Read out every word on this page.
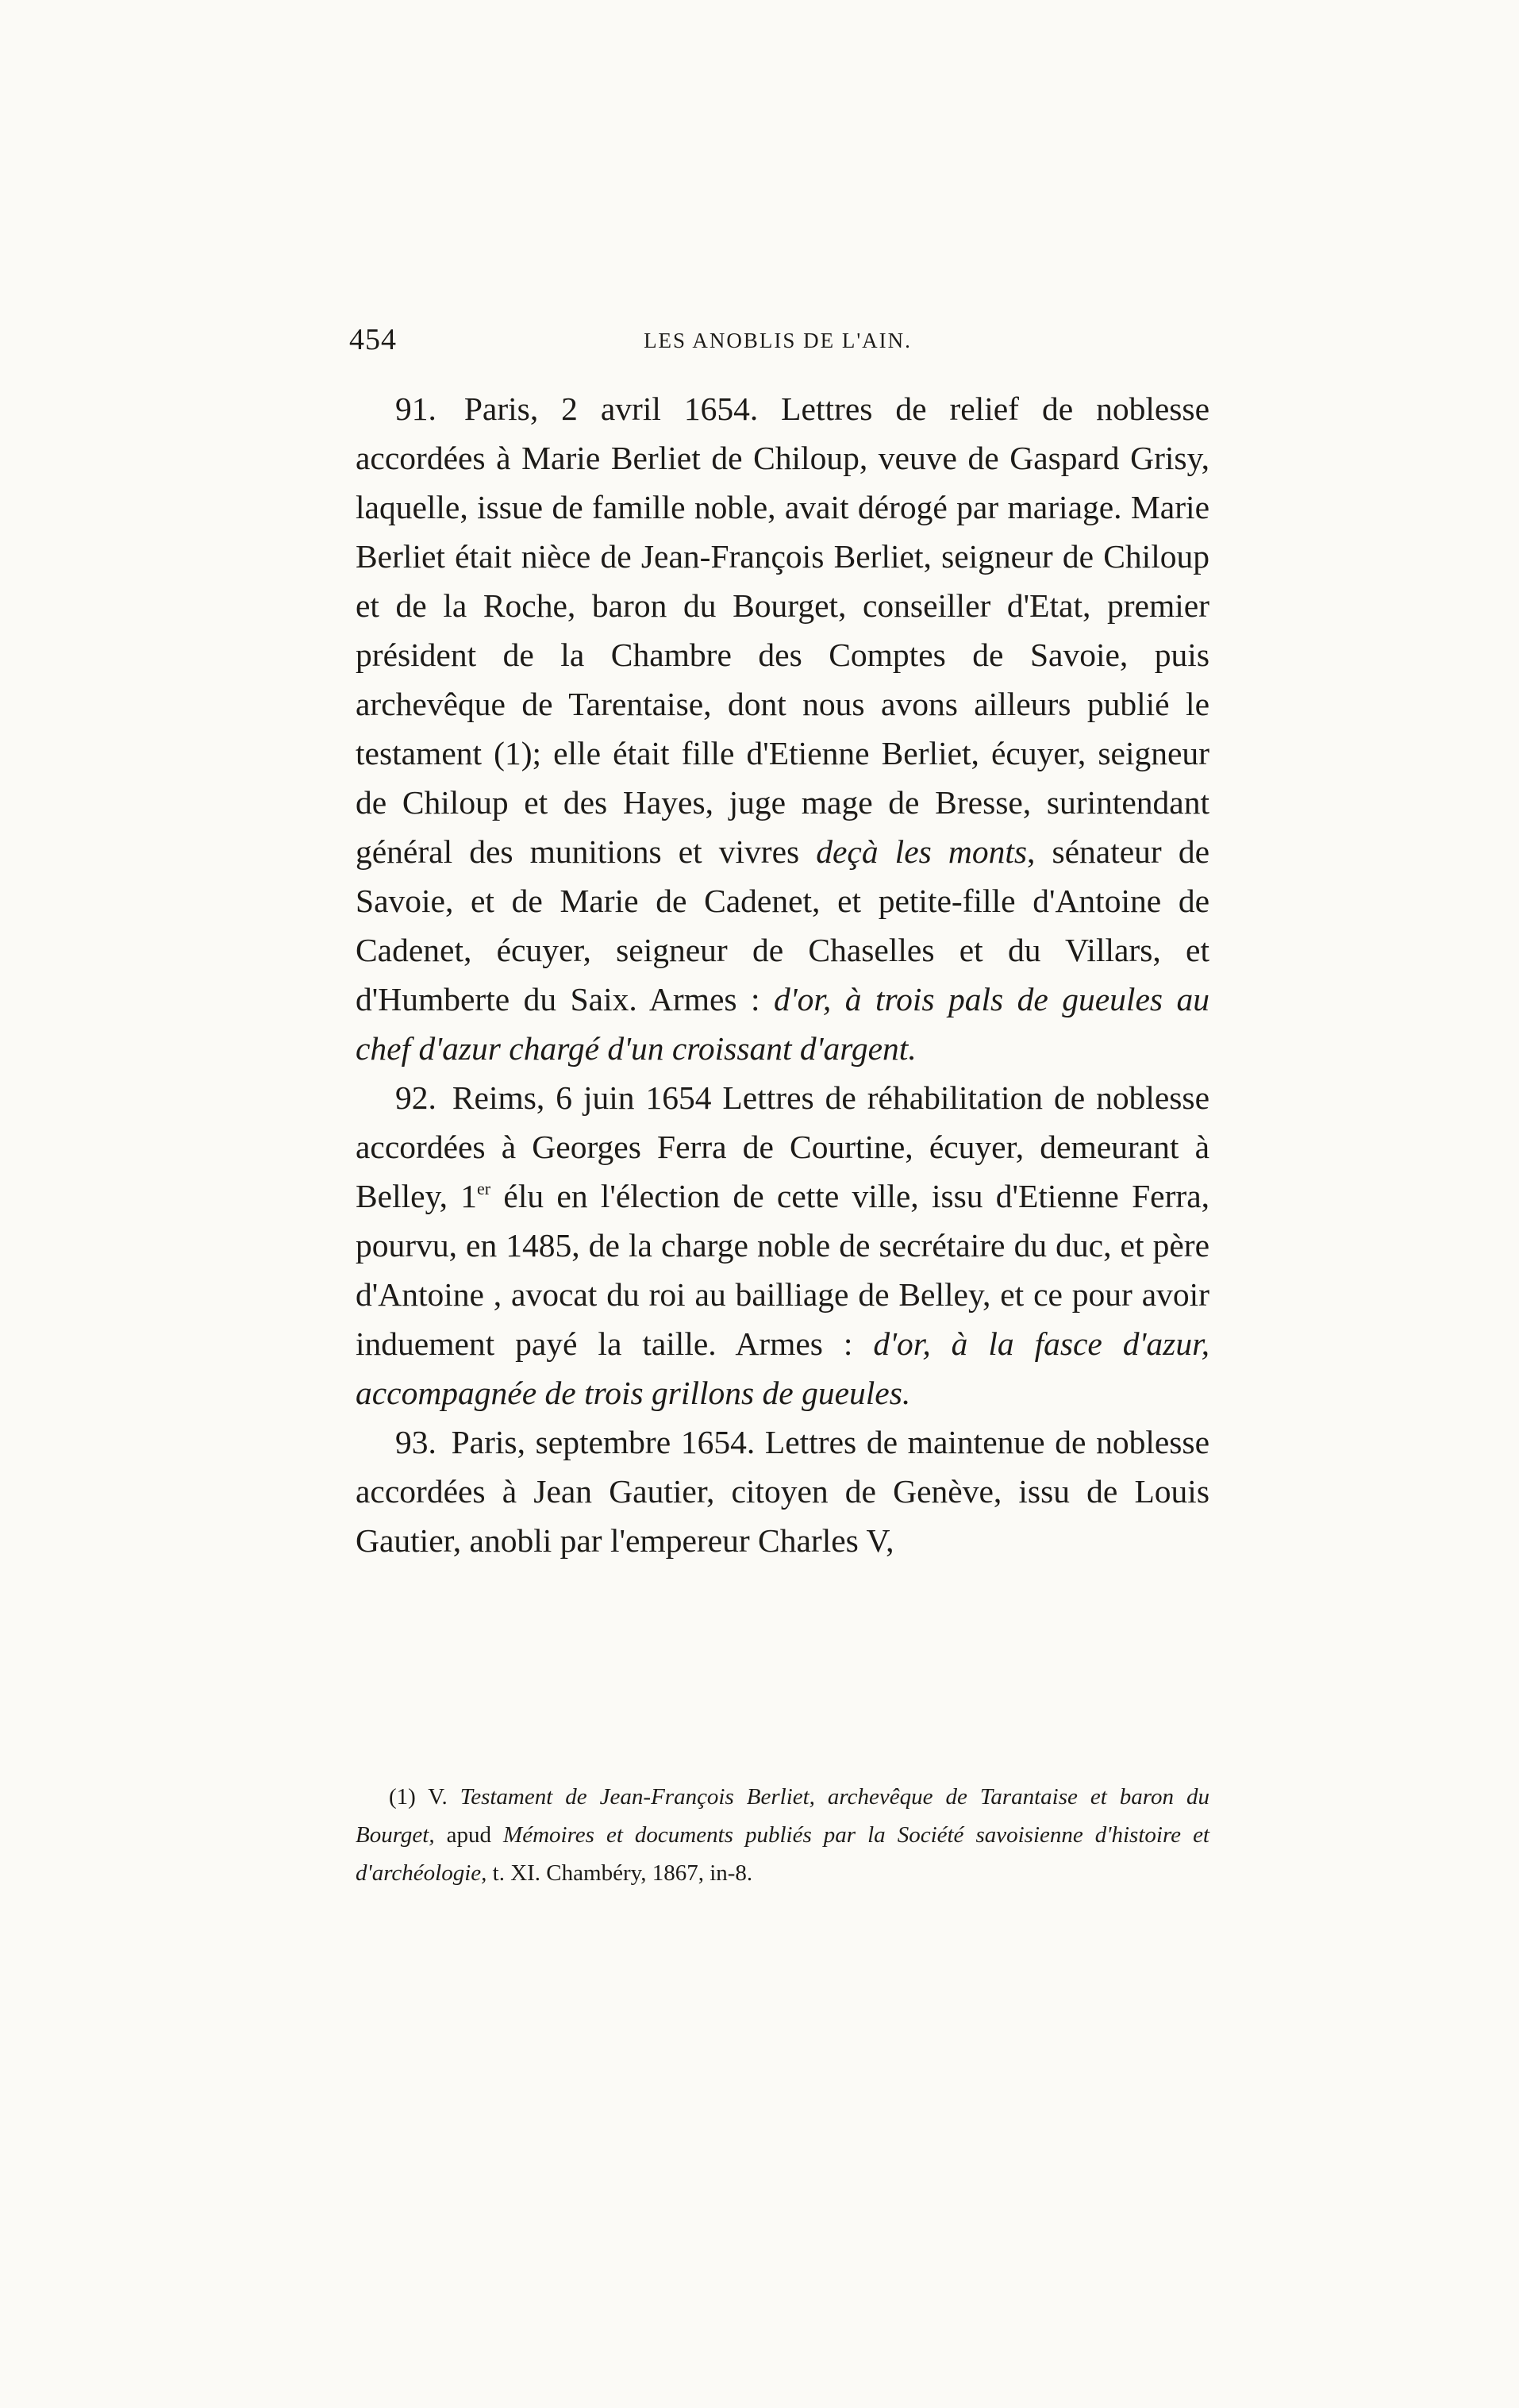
454	LES ANOBLIS DE L'AIN.

91. Paris, 2 avril 1654. Lettres de relief de noblesse accordées à Marie Berliet de Chiloup, veuve de Gaspard Grisy, laquelle, issue de famille noble, avait dérogé par mariage. Marie Berliet était nièce de Jean-François Berliet, seigneur de Chiloup et de la Roche, baron du Bourget, conseiller d'Etat, premier président de la Chambre des Comptes de Savoie, puis archevêque de Tarentaise, dont nous avons ailleurs publié le testament (1); elle était fille d'Etienne Berliet, écuyer, seigneur de Chiloup et des Hayes, juge mage de Bresse, surintendant général des munitions et vivres deçà les monts, sénateur de Savoie, et de Marie de Cadenet, et petite-fille d'Antoine de Cadenet, écuyer, seigneur de Chaselles et du Villars, et d'Humberte du Saix. Armes : d'or, à trois pals de gueules au chef d'azur chargé d'un croissant d'argent.

92. Reims, 6 juin 1654 Lettres de réhabilitation de noblesse accordées à Georges Ferra de Courtine, écuyer, demeurant à Belley, 1er élu en l'élection de cette ville, issu d'Etienne Ferra, pourvu, en 1485, de la charge noble de secrétaire du duc, et père d'Antoine , avocat du roi au bailliage de Belley, et ce pour avoir induement payé la taille. Armes : d'or, à la fasce d'azur, accompagnée de trois grillons de gueules.

93. Paris, septembre 1654. Lettres de maintenue de noblesse accordées à Jean Gautier, citoyen de Genève, issu de Louis Gautier, anobli par l'empereur Charles V,

(1) V. Testament de Jean-François Berliet, archevêque de Tarantaise et baron du Bourget, apud Mémoires et documents publiés par la Société savoisienne d'histoire et d'archéologie, t. XI. Chambéry, 1867, in-8.
